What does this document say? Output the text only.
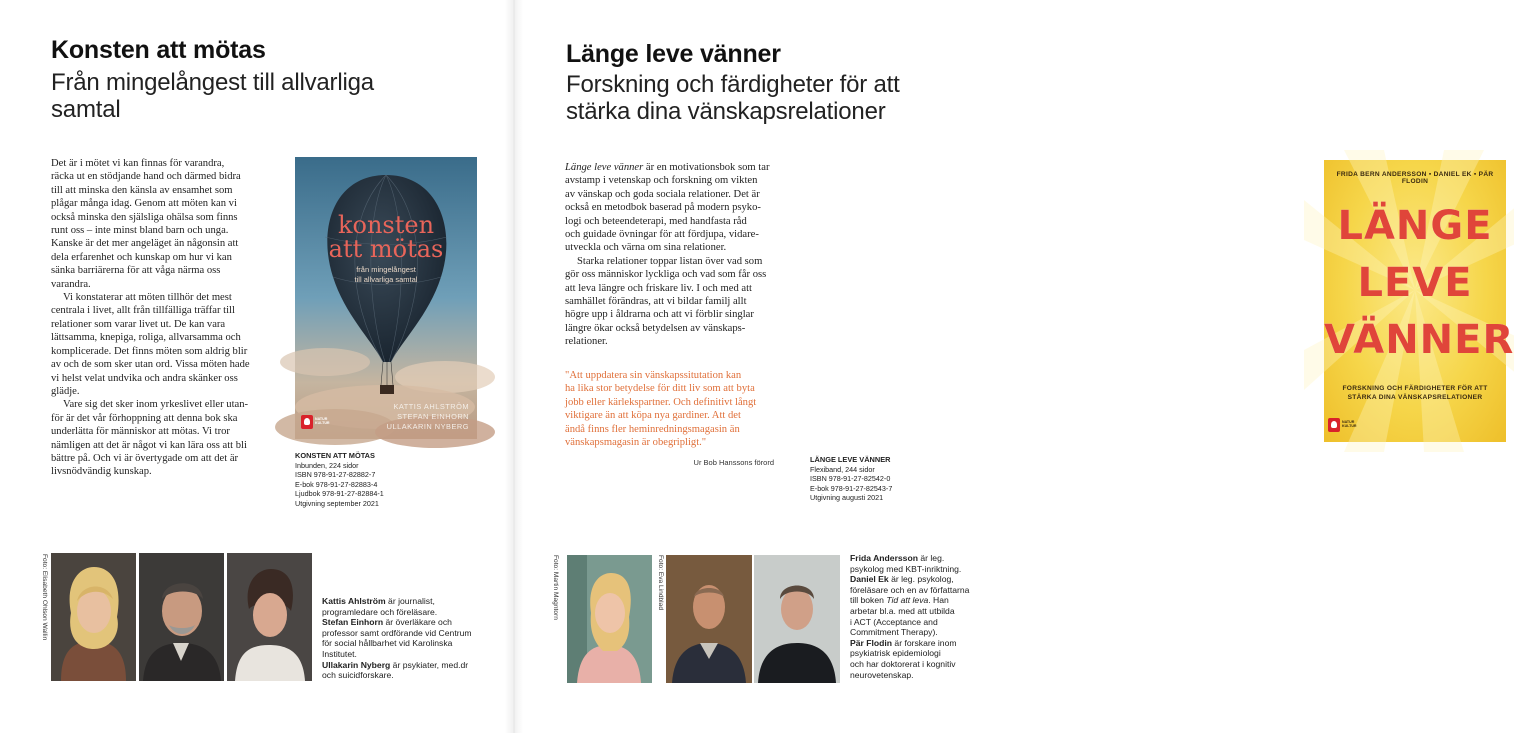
Konsten att mötas
Från mingelångest till allvarliga
samtal

Det är i mötet vi kan finnas för varandra,
räcka ut en stödjande hand och därmed bidra
till att minska den känsla av ensamhet som
plågar många idag. Genom att möten kan vi
också minska den själsliga ohälsa som finns
runt oss – inte minst bland barn och unga.
Kanske är det mer angeläget än någonsin att
dela erfarenhet och kunskap om hur vi kan
sänka barriärerna för att våga närma oss
varandra.

Vi konstaterar att möten tillhör det mest
centrala i livet, allt från tillfälliga träffar till
relationer som varar livet ut. De kan vara
lättsamma, knepiga, roliga, allvarsamma och
komplicerade. Det finns möten som aldrig blir
av och de som sker utan ord. Vissa möten hade
vi helst velat undvika och andra skänker oss
glädje.

Vare sig det sker inom yrkeslivet eller utan-
för är det vår förhoppning att denna bok ska
underlätta för människor att mötas. Vi tror
nämligen att det är något vi kan lära oss att bli
bättre på. Och vi är övertygade om att det är
livsnödvändig kunskap.

konsten
att mötas
från mingelångest
till allvarliga samtal
KATTIS AHLSTRÖM
STEFAN EINHORN
ULLAKARIN NYBERG
NATUR
KULTUR
KONSTEN ATT MÖTAS
Inbunden, 224 sidor
ISBN 978-91-27-82882-7
E-bok 978-91-27-82883-4
Ljudbok 978-91-27-82884-1
Utgivning september 2021
Foto: Elisabeth Ohlson Wallin	Kattis Ahlström är journalist, programledare och föreläsare.
Stefan Einhorn är överläkare och professor samt ordförande vid Centrum för social hållbarhet vid Karolinska Institutet.
Ullakarin Nyberg är psykiater, med.dr och suicidforskare.
Länge leve vänner
Forskning och färdigheter för att
stärka dina vänskapsrelationer

Länge leve vänner är en motivationsbok som tar
avstamp i vetenskap och forskning om vikten
av vänskap och goda sociala relationer. Det är
också en metodbok baserad på modern psyko-
logi och beteendeterapi, med handfasta råd
och guidade övningar för att fördjupa, vidare-
utveckla och värna om sina relationer.

Starka relationer toppar listan över vad som
gör oss människor lyckliga och vad som får oss
att leva längre och friskare liv. I och med att
samhället förändras, att vi bildar familj allt
högre upp i åldrarna och att vi förblir singlar
längre ökar också betydelsen av vänskaps-
relationer.

"Att uppdatera sin vänskapssitutation kan
ha lika stor betydelse för ditt liv som att byta
jobb eller kärlekspartner. Och definitivt långt
viktigare än att köpa nya gardiner. Att det
ändå finns fler heminredningsmagasin än
vänskapsmagasin är obegripligt."
Ur Bob Hanssons förord
FRIDA BERN ANDERSSON ▪ DANIEL EK ▪ PÄR FLODIN
LÄNGE
LEVE
VÄNNER
FORSKNING OCH FÄRDIGHETER FÖR ATT
STÄRKA DINA VÄNSKAPSRELATIONER
NATUR
KULTUR
LÄNGE LEVE VÄNNER
Flexiband, 244 sidor
ISBN 978-91-27-82542-0
E-bok 978-91-27-82543-7
Utgivning augusti 2021
Foto: Martin Magntorn	Foto: Eva Lindblad	Frida Andersson är leg.
psykolog med KBT-inriktning.
Daniel Ek är leg. psykolog,
föreläsare och en av författarna
till boken Tid att leva. Han
arbetar bl.a. med att utbilda
i ACT (Acceptance and
Commitment Therapy).
Pär Flodin är forskare inom
psykiatrisk epidemiologi
och har doktorerat i kognitiv
neurovetenskap.
